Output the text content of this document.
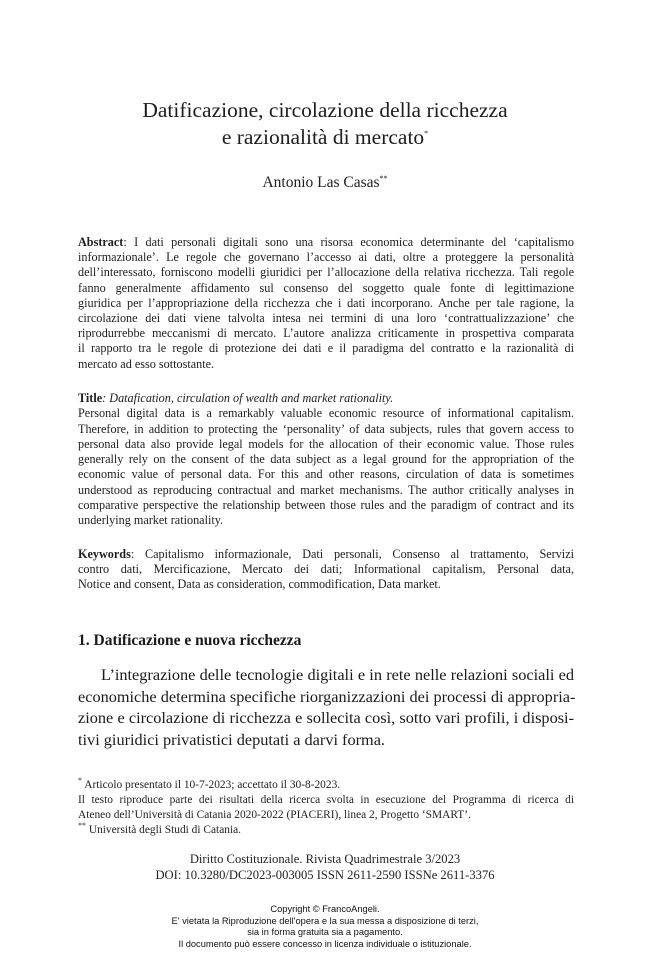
Datificazione, circolazione della ricchezza
e razionalità di mercato*
Antonio Las Casas**
Abstract: I dati personali digitali sono una risorsa economica determinante del ‘capitalismo
informazionale’. Le regole che governano l’accesso ai dati, oltre a proteggere la personalità
dell’interessato, forniscono modelli giuridici per l’allocazione della relativa ricchezza. Tali regole
fanno generalmente affidamento sul consenso del soggetto quale fonte di legittimazione
giuridica per l’appropriazione della ricchezza che i dati incorporano. Anche per tale ragione, la
circolazione dei dati viene talvolta intesa nei termini di una loro ‘contrattualizzazione’ che
riprodurrebbe meccanismi di mercato. L’autore analizza criticamente in prospettiva comparata
il rapporto tra le regole di protezione dei dati e il paradigma del contratto e la razionalità di
mercato ad esso sottostante.
Title: Datafication, circulation of wealth and market rationality.
Personal digital data is a remarkably valuable economic resource of informational capitalism.
Therefore, in addition to protecting the ‘personality’ of data subjects, rules that govern access to
personal data also provide legal models for the allocation of their economic value. Those rules
generally rely on the consent of the data subject as a legal ground for the appropriation of the
economic value of personal data. For this and other reasons, circulation of data is sometimes
understood as reproducing contractual and market mechanisms. The author critically analyses in
comparative perspective the relationship between those rules and the paradigm of contract and its
underlying market rationality.
Keywords: Capitalismo informazionale, Dati personali, Consenso al trattamento, Servizi
contro dati, Mercificazione, Mercato dei dati; Informational capitalism, Personal data,
Notice and consent, Data as consideration, commodification, Data market.
1. Datificazione e nuova ricchezza
L’integrazione delle tecnologie digitali e in rete nelle relazioni sociali ed
economiche determina specifiche riorganizzazioni dei processi di appropria-
zione e circolazione di ricchezza e sollecita così, sotto vari profili, i disposi-
tivi giuridici privatistici deputati a darvi forma.
* Articolo presentato il 10-7-2023; accettato il 30-8-2023.
Il testo riproduce parte dei risultati della ricerca svolta in esecuzione del Programma di ricerca di
Ateneo dell’Università di Catania 2020-2022 (PIACERI), linea 2, Progetto ‘SMART’.
** Università degli Studi di Catania.
Diritto Costituzionale. Rivista Quadrimestrale 3/2023
DOI: 10.3280/DC2023-003005 ISSN 2611-2590 ISSNe 2611-3376
Copyright © FrancoAngeli.
E' vietata la Riproduzione dell'opera e la sua messa a disposizione di terzi,
sia in forma gratuita sia a pagamento.
Il documento può essere concesso in licenza individuale o istituzionale.
